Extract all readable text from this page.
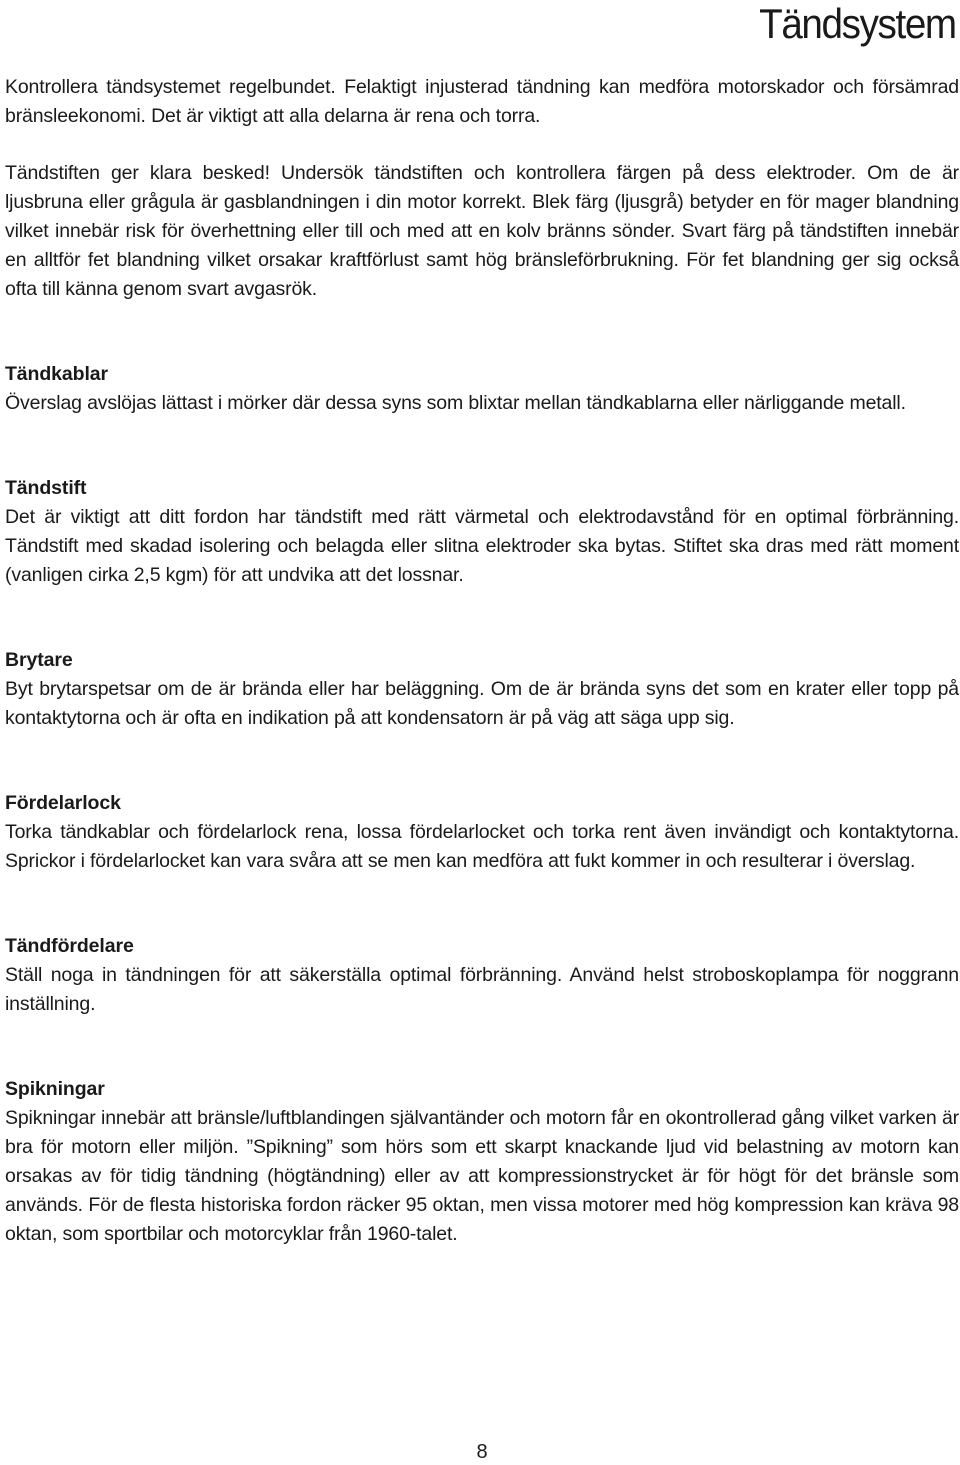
Tändsystem

Kontrollera tändsystemet regelbundet. Felaktigt injusterad tändning kan medföra motorskador och försämrad bränsleekonomi. Det är viktigt att alla delarna är rena och torra.

Tändstiften ger klara besked! Undersök tändstiften och kontrollera färgen på dess elektroder. Om de är ljusbruna eller grågula är gasblandningen i din motor korrekt. Blek färg (ljusgrå) betyder en för mager blandning vilket innebär risk för överhettning eller till och med att en kolv bränns sönder. Svart färg på tändstiften innebär en alltför fet blandning vilket orsakar kraftförlust samt hög bränsleförbrukning. För fet blandning ger sig också ofta till känna genom svart avgasrök.

Tändkablar

Överslag avslöjas lättast i mörker där dessa syns som blixtar mellan tändkablarna eller närliggande metall.

Tändstift

Det är viktigt att ditt fordon har tändstift med rätt värmetal och elektrodavstånd för en optimal förbränning. Tändstift med skadad isolering och belagda eller slitna elektroder ska bytas. Stiftet ska dras med rätt moment (vanligen cirka 2,5 kgm) för att undvika att det lossnar.

Brytare

Byt brytarspetsar om de är brända eller har beläggning. Om de är brända syns det som en krater eller topp på kontaktytorna och är ofta en indikation på att kondensatorn är på väg att säga upp sig.

Fördelarlock

Torka tändkablar och fördelarlock rena, lossa fördelarlocket och torka rent även invändigt och kontaktytorna. Sprickor i fördelarlocket kan vara svåra att se men kan medföra att fukt kommer in och resulterar i överslag.

Tändfördelare

Ställ noga in tändningen för att säkerställa optimal förbränning. Använd helst stroboskoplampa för noggrann inställning.

Spikningar

Spikningar innebär att bränsle/luftblandingen självantänder och motorn får en okontrollerad gång vilket varken är bra för motorn eller miljön. ”Spikning” som hörs som ett skarpt knackande ljud vid belastning av motorn kan orsakas av för tidig tändning (högtändning) eller av att kompressionstrycket är för högt för det bränsle som används. För de flesta historiska fordon räcker 95 oktan, men vissa motorer med hög kompression kan kräva 98 oktan, som sportbilar och motorcyklar från 1960-talet.

8
